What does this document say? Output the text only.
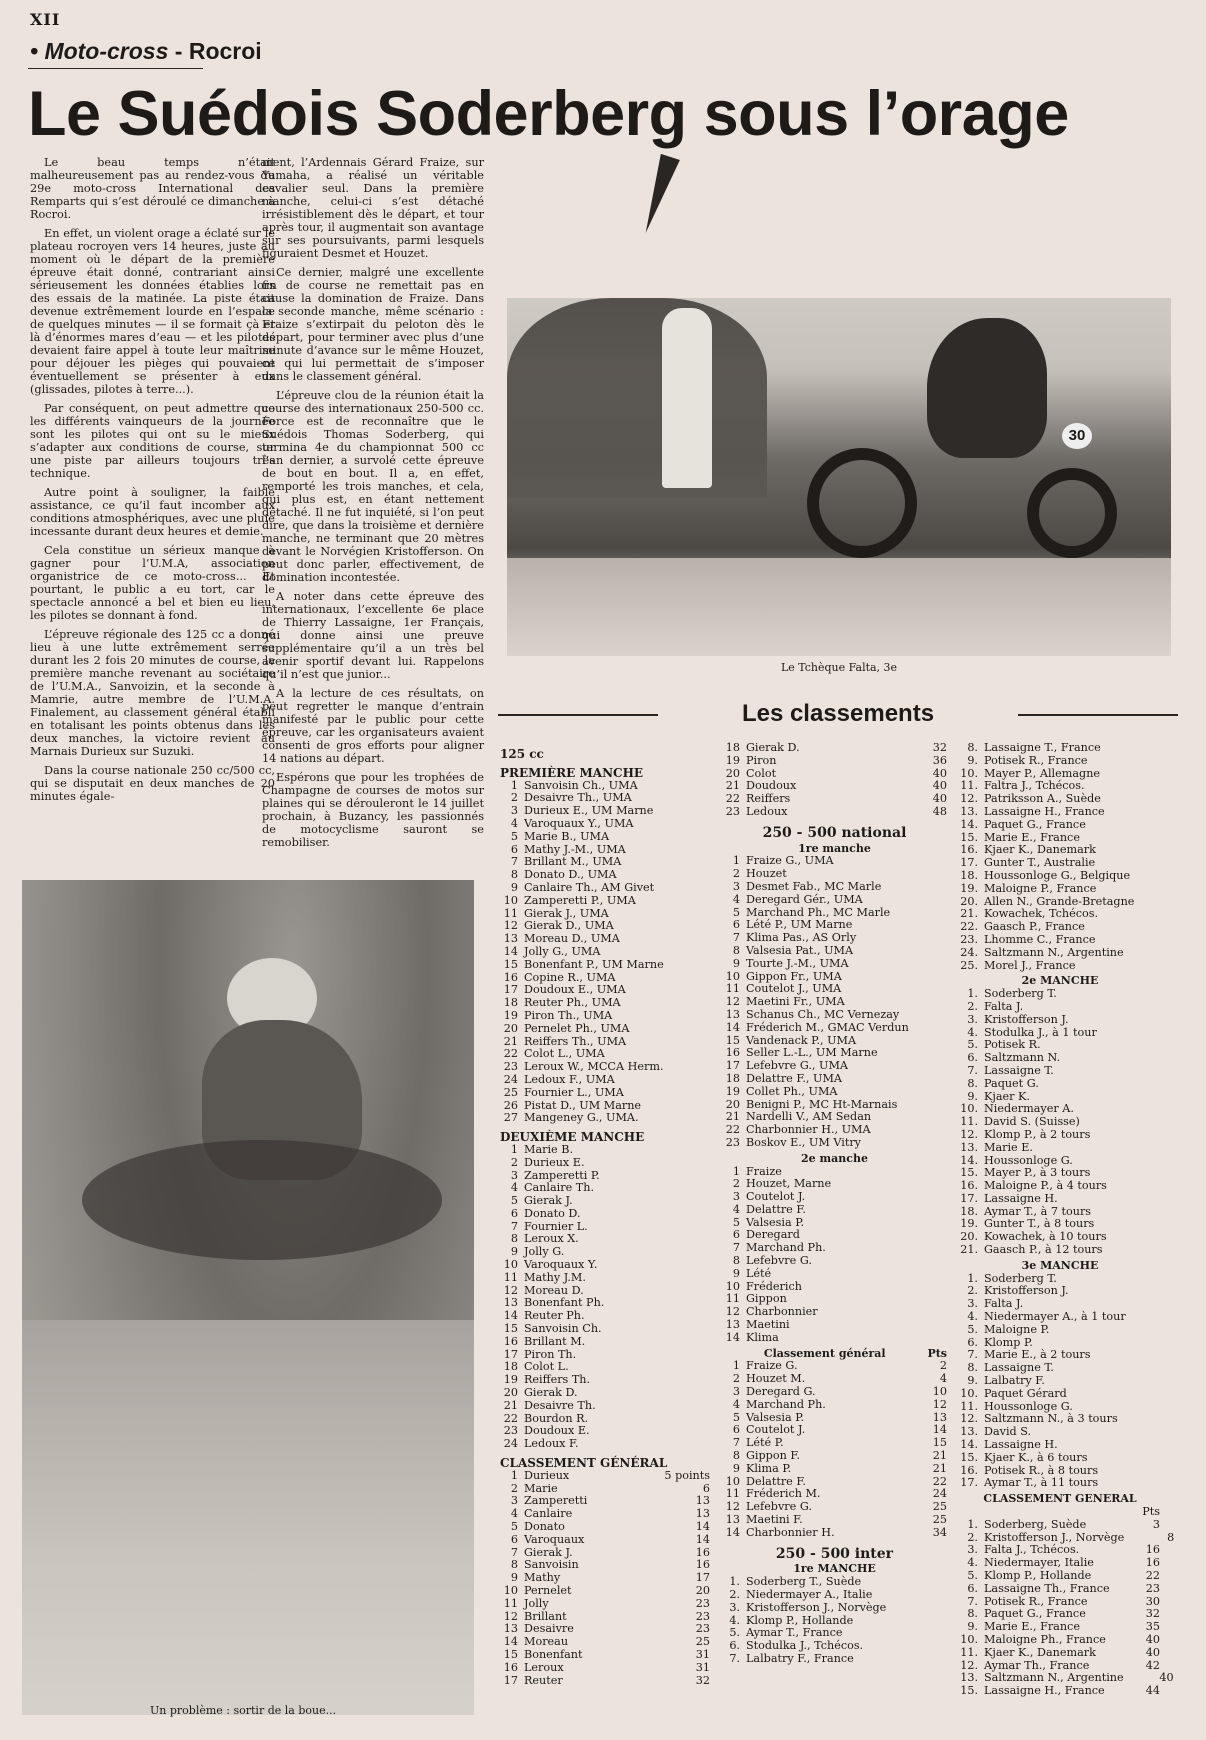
XII
• Moto-cross - Rocroi
Le Suédois Soderberg sous l’orage

Le beau temps n’était malheureusement pas au rendez-vous du 29e moto-cross International des Remparts qui s’est déroulé ce dimanche à Rocroi.

En effet, un violent orage a éclaté sur le plateau rocroyen vers 14 heures, juste au moment où le départ de la première épreuve était donné, contrariant ainsi sérieusement les données établies lors des essais de la matinée. La piste était devenue extrêmement lourde en l’espace de quelques minutes — il se formait çà et là d’énormes mares d’eau — et les pilotes devaient faire appel à toute leur maîtrise pour déjouer les pièges qui pouvaient éventuellement se présenter à eux (glissades, pilotes à terre...).

Par conséquent, on peut admettre que les différents vainqueurs de la journée sont les pilotes qui ont su le mieux s’adapter aux conditions de course, sur une piste par ailleurs toujours très technique.

Autre point à souligner, la faible assistance, ce qu’il faut incomber aux conditions atmosphériques, avec une pluie incessante durant deux heures et demie.

Cela constitue un sérieux manque à gagner pour l’U.M.A, association organistrice de ce moto-cross... Et pourtant, le public a eu tort, car le spectacle annoncé a bel et bien eu lieu, les pilotes se donnant à fond.

L’épreuve régionale des 125 cc a donné lieu à une lutte extrêmement serrée durant les 2 fois 20 minutes de course, la première manche revenant au sociétaire de l’U.M.A., Sanvoizin, et la seconde à Mamrie, autre membre de l’U.M.A. Finalement, au classement général établi en totalisant les points obtenus dans les deux manches, la victoire revient au Marnais Durieux sur Suzuki.

Dans la course nationale 250 cc/500 cc, qui se disputait en deux manches de 20 minutes égale-

ment, l’Ardennais Gérard Fraize, sur Yamaha, a réalisé un véritable cavalier seul. Dans la première manche, celui-ci s’est détaché irrésistiblement dès le départ, et tour après tour, il augmentait son avantage sur ses poursuivants, parmi lesquels figuraient Desmet et Houzet.

Ce dernier, malgré une excellente fin de course ne remettait pas en cause la domination de Fraize. Dans la seconde manche, même scénario : Fraize s’extirpait du peloton dès le départ, pour terminer avec plus d’une minute d’avance sur le même Houzet, ce qui lui permettait de s’imposer dans le classement général.

L’épreuve clou de la réunion était la course des internationaux 250-500 cc. Force est de reconnaître que le Suédois Thomas Soderberg, qui termina 4e du championnat 500 cc l’an dernier, a survolé cette épreuve de bout en bout. Il a, en effet, remporté les trois manches, et cela, qui plus est, en étant nettement détaché. Il ne fut inquiété, si l’on peut dire, que dans la troisième et dernière manche, ne terminant que 20 mètres devant le Norvégien Kristofferson. On peut donc parler, effectivement, de domination incontestée.

A noter dans cette épreuve des internationaux, l’excellente 6e place de Thierry Lassaigne, 1er Français, qui donne ainsi une preuve supplémentaire qu’il a un très bel avenir sportif devant lui. Rappelons qu’il n’est que junior...

A la lecture de ces résultats, on peut regretter le manque d’entrain manifesté par le public pour cette épreuve, car les organisateurs avaient consenti de gros efforts pour aligner 14 nations au départ.

Espérons que pour les trophées de Champagne de courses de motos sur plaines qui se dérouleront le 14 juillet prochain, à Buzancy, les passionnés de motocyclisme sauront se remobiliser.

30
Le Tchèque Falta, 3e
Un problème : sortir de la boue...
Les classements
125 cc
PREMIÈRE MANCHE
1 Sanvoisin Ch., UMA
2 Desaivre Th., UMA
3 Durieux E., UM Marne
4 Varoquaux Y., UMA
5 Marie B., UMA
6 Mathy J.-M., UMA
7 Brillant M., UMA
8 Donato D., UMA
9 Canlaire Th., AM Givet
10 Zamperetti P., UMA
11 Gierak J., UMA
12 Gierak D., UMA
13 Moreau D., UMA
14 Jolly G., UMA
15 Bonenfant P., UM Marne
16 Copine R., UMA
17 Doudoux E., UMA
18 Reuter Ph., UMA
19 Piron Th., UMA
20 Pernelet Ph., UMA
21 Reiffers Th., UMA
22 Colot L., UMA
23 Leroux W., MCCA Herm.
24 Ledoux F., UMA
25 Fournier L., UMA
26 Pistat D., UM Marne
27 Mangeney G., UMA.
DEUXIÈME MANCHE
1 Marie B.
2 Durieux E.
3 Zamperetti P.
4 Canlaire Th.
5 Gierak J.
6 Donato D.
7 Fournier L.
8 Leroux X.
9 Jolly G.
10 Varoquaux Y.
11 Mathy J.M.
12 Moreau D.
13 Bonenfant Ph.
14 Reuter Ph.
15 Sanvoisin Ch.
16 Brillant M.
17 Piron Th.
18 Colot L.
19 Reiffers Th.
20 Gierak D.
21 Desaivre Th.
22 Bourdon R.
23 Doudoux E.
24 Ledoux F.
CLASSEMENT GÉNÉRAL
1 Durieux	5 points
2 Marie	6
3 Zamperetti	13
4 Canlaire	13
5 Donato	14
6 Varoquaux	14
7 Gierak J.	16
8 Sanvoisin	16
9 Mathy	17
10 Pernelet	20
11 Jolly	23
12 Brillant	23
13 Desaivre	23
14 Moreau	25
15 Bonenfant	31
16 Leroux	31
17 Reuter	32
18 Gierak D.	32
19 Piron	36
20 Colot	40
21 Doudoux	40
22 Reiffers	40
23 Ledoux	48
250 - 500 national
1re manche
1 Fraize G., UMA
2 Houzet
3 Desmet Fab., MC Marle
4 Deregard Gér., UMA
5 Marchand Ph., MC Marle
6 Lété P., UM Marne
7 Klima Pas., AS Orly
8 Valsesia Pat., UMA
9 Tourte J.-M., UMA
10 Gippon Fr., UMA
11 Coutelot J., UMA
12 Maetini Fr., UMA
13 Schanus Ch., MC Vernezay
14 Fréderich M., GMAC Verdun
15 Vandenack P., UMA
16 Seller L.-L., UM Marne
17 Lefebvre G., UMA
18 Delattre F., UMA
19 Collet Ph., UMA
20 Benigni P., MC Ht-Marnais
21 Nardelli V., AM Sedan
22 Charbonnier H., UMA
23 Boskov E., UM Vitry
2e manche
1 Fraize
2 Houzet, Marne
3 Coutelot J.
4 Delattre F.
5 Valsesia P.
6 Deregard
7 Marchand Ph.
8 Lefebvre G.
9 Lété
10 Fréderich
11 Gippon
12 Charbonnier
13 Maetini
14 Klima
Classement général	Pts
1 Fraize G.	2
2 Houzet M.	4
3 Deregard G.	10
4 Marchand Ph.	12
5 Valsesia P.	13
6 Coutelot J.	14
7 Lété P.	15
8 Gippon F.	21
9 Klima P.	21
10 Delattre F.	22
11 Fréderich M.	24
12 Lefebvre G.	25
13 Maetini F.	25
14 Charbonnier H.	34
250 - 500 inter
1re MANCHE
1. Soderberg T., Suède
2. Niedermayer A., Italie
3. Kristofferson J., Norvège
4. Klomp P., Hollande
5. Aymar T., France
6. Stodulka J., Tchécos.
7. Lalbatry F., France
8. Lassaigne T., France
9. Potisek R., France
10. Mayer P., Allemagne
11. Faltra J., Tchécos.
12. Patriksson A., Suède
13. Lassaigne H., France
14. Paquet G., France
15. Marie E., France
16. Kjaer K., Danemark
17. Gunter T., Australie
18. Houssonloge G., Belgique
19. Maloigne P., France
20. Allen N., Grande-Bretagne
21. Kowachek, Tchécos.
22. Gaasch P., France
23. Lhomme C., France
24. Saltzmann N., Argentine
25. Morel J., France
2e MANCHE
1. Soderberg T.
2. Falta J.
3. Kristofferson J.
4. Stodulka J., à 1 tour
5. Potisek R.
6. Saltzmann N.
7. Lassaigne T.
8. Paquet G.
9. Kjaer K.
10. Niedermayer A.
11. David S. (Suisse)
12. Klomp P., à 2 tours
13. Marie E.
14. Houssonloge G.
15. Mayer P., à 3 tours
16. Maloigne P., à 4 tours
17. Lassaigne H.
18. Aymar T., à 7 tours
19. Gunter T., à 8 tours
20. Kowachek, à 10 tours
21. Gaasch P., à 12 tours
3e MANCHE
1. Soderberg T.
2. Kristofferson J.
3. Falta J.
4. Niedermayer A., à 1 tour
5. Maloigne P.
6. Klomp P.
7. Marie E., à 2 tours
8. Lassaigne T.
9. Lalbatry F.
10. Paquet Gérard
11. Houssonloge G.
12. Saltzmann N., à 3 tours
13. David S.
14. Lassaigne H.
15. Kjaer K., à 6 tours
16. Potisek R., à 8 tours
17. Aymar T., à 11 tours
CLASSEMENT GENERAL
Pts
1. Soderberg, Suède	3
2. Kristofferson J., Norvège	8
3. Falta J., Tchécos.	16
4. Niedermayer, Italie	16
5. Klomp P., Hollande	22
6. Lassaigne Th., France	23
7. Potisek R., France	30
8. Paquet G., France	32
9. Marie E., France	35
10. Maloigne Ph., France	40
11. Kjaer K., Danemark	40
12. Aymar Th., France	42
13. Saltzmann N., Argentine	40
15. Lassaigne H., France	44
